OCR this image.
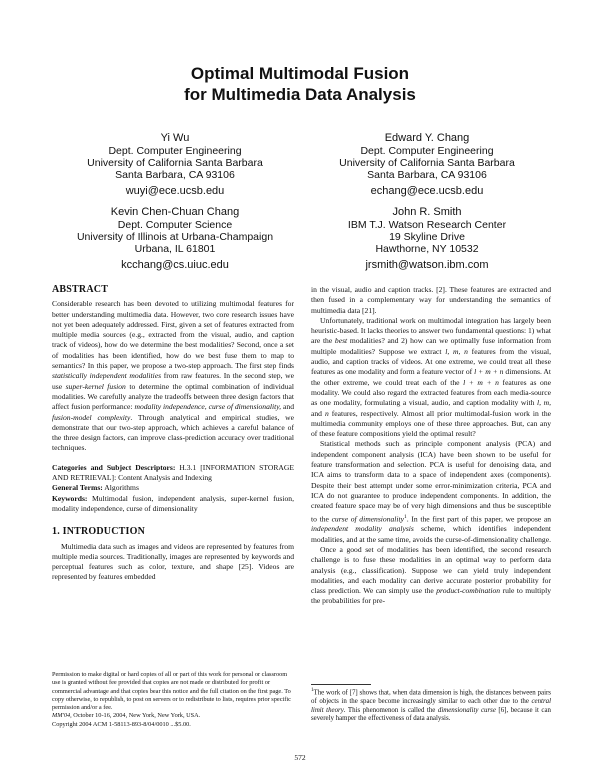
Optimal Multimodal Fusion
for Multimedia Data Analysis
Yi Wu
Dept. Computer Engineering
University of California Santa Barbara
Santa Barbara, CA 93106
wuyi@ece.ucsb.edu
Edward Y. Chang
Dept. Computer Engineering
University of California Santa Barbara
Santa Barbara, CA 93106
echang@ece.ucsb.edu
Kevin Chen-Chuan Chang
Dept. Computer Science
University of Illinois at Urbana-Champaign
Urbana, IL 61801
kcchang@cs.uiuc.edu
John R. Smith
IBM T.J. Watson Research Center
19 Skyline Drive
Hawthorne, NY 10532
jrsmith@watson.ibm.com
ABSTRACT

Considerable research has been devoted to utilizing multimodal features for better understanding multimedia data. However, two core research issues have not yet been adequately addressed. First, given a set of features extracted from multiple media sources (e.g., extracted from the visual, audio, and caption track of videos), how do we determine the best modalities? Second, once a set of modalities has been identified, how do we best fuse them to map to semantics? In this paper, we propose a two-step approach. The first step finds statistically independent modalities from raw features. In the second step, we use super-kernel fusion to determine the optimal combination of individual modalities. We carefully analyze the tradeoffs between three design factors that affect fusion performance: modality independence, curse of dimensionality, and fusion-model complexity. Through analytical and empirical studies, we demonstrate that our two-step approach, which achieves a careful balance of the three design factors, can improve class-prediction accuracy over traditional techniques.

Categories and Subject Descriptors: H.3.1 [INFORMATION STORAGE AND RETRIEVAL]: Content Analysis and Indexing

General Terms: Algorithms

Keywords: Multimodal fusion, independent analysis, super-kernel fusion, modality independence, curse of dimensionality

1. INTRODUCTION

Multimedia data such as images and videos are represented by features from multiple media sources. Traditionally, images are represented by keywords and perceptual features such as color, texture, and shape [25]. Videos are represented by features embedded

Permission to make digital or hard copies of all or part of this work for personal or classroom use is granted without fee provided that copies are not made or distributed for profit or commercial advantage and that copies bear this notice and the full citation on the first page. To copy otherwise, to republish, to post on servers or to redistribute to lists, requires prior specific permission and/or a fee.
MM'04, October 10-16, 2004, New York, New York, USA.
Copyright 2004 ACM 1-58113-893-8/04/0010 ...$5.00.

in the visual, audio and caption tracks. [2]. These features are extracted and then fused in a complementary way for understanding the semantics of multimedia data [21].

Unfortunately, traditional work on multimodal integration has largely been heuristic-based. It lacks theories to answer two fundamental questions: 1) what are the best modalities? and 2) how can we optimally fuse information from multiple modalities? Suppose we extract l, m, n features from the visual, audio, and caption tracks of videos. At one extreme, we could treat all these features as one modality and form a feature vector of l + m + n dimensions. At the other extreme, we could treat each of the l + m + n features as one modality. We could also regard the extracted features from each media-source as one modality, formulating a visual, audio, and caption modality with l, m, and n features, respectively. Almost all prior multimodal-fusion work in the multimedia community employs one of these three approaches. But, can any of these feature compositions yield the optimal result?

Statistical methods such as principle component analysis (PCA) and independent component analysis (ICA) have been shown to be useful for feature transformation and selection. PCA is useful for denoising data, and ICA aims to transform data to a space of independent axes (components). Despite their best attempt under some error-minimization criteria, PCA and ICA do not guarantee to produce independent components. In addition, the created feature space may be of very high dimensions and thus be susceptible to the curse of dimensionality$^1$. In the first part of this paper, we propose an independent modality analysis scheme, which identifies independent modalities, and at the same time, avoids the curse-of-dimensionality challenge.

Once a good set of modalities has been identified, the second research challenge is to fuse these modalities in an optimal way to perform data analysis (e.g., classification). Suppose we can yield truly independent modalities, and each modality can derive accurate posterior probability for class prediction. We can simply use the product-combination rule to multiply the probabilities for pre-

$^1$The work of [7] shows that, when data dimension is high, the distances between pairs of objects in the space become increasingly similar to each other due to the central limit theory. This phenomenon is called the dimensionality curse [6], because it can severely hamper the effectiveness of data analysis.
572
